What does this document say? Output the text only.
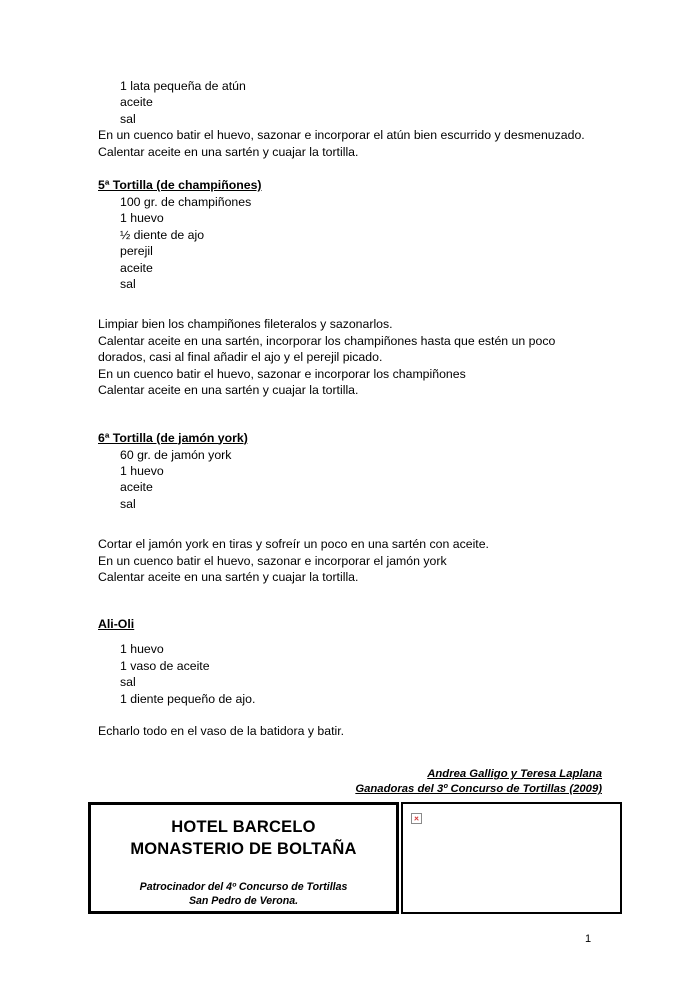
1 lata pequeña de atún
aceite
sal
En un cuenco batir el huevo, sazonar e incorporar el atún bien escurrido y desmenuzado.
Calentar aceite en una sartén y cuajar la tortilla.
5ª Tortilla (de champiñones)
100 gr. de champiñones
1 huevo
½ diente de ajo
perejil
aceite
sal
Limpiar bien los champiñones fileteralos y sazonarlos.
Calentar aceite en una sartén, incorporar los champiñones hasta que estén un poco dorados, casi al final añadir el ajo y el perejil picado.
En un cuenco batir el huevo, sazonar e incorporar los champiñones
Calentar aceite en una sartén y cuajar la tortilla.
6ª Tortilla (de jamón york)
60 gr. de jamón york
1 huevo
aceite
sal
Cortar el jamón york en tiras y sofreír un poco en una sartén con aceite.
En un cuenco batir el huevo, sazonar e incorporar el jamón york
Calentar aceite en una sartén y cuajar la tortilla.
Ali-Oli
1 huevo
1 vaso de aceite
sal
1 diente pequeño de ajo.
Echarlo todo en el vaso de la batidora y batir.
Andrea Galligo y Teresa Laplana
Ganadoras del 3º Concurso de Tortillas (2009)
HOTEL BARCELO
MONASTERIO DE BOLTAÑA
Patrocinador del 4º Concurso de Tortillas
San Pedro de Verona.
1
